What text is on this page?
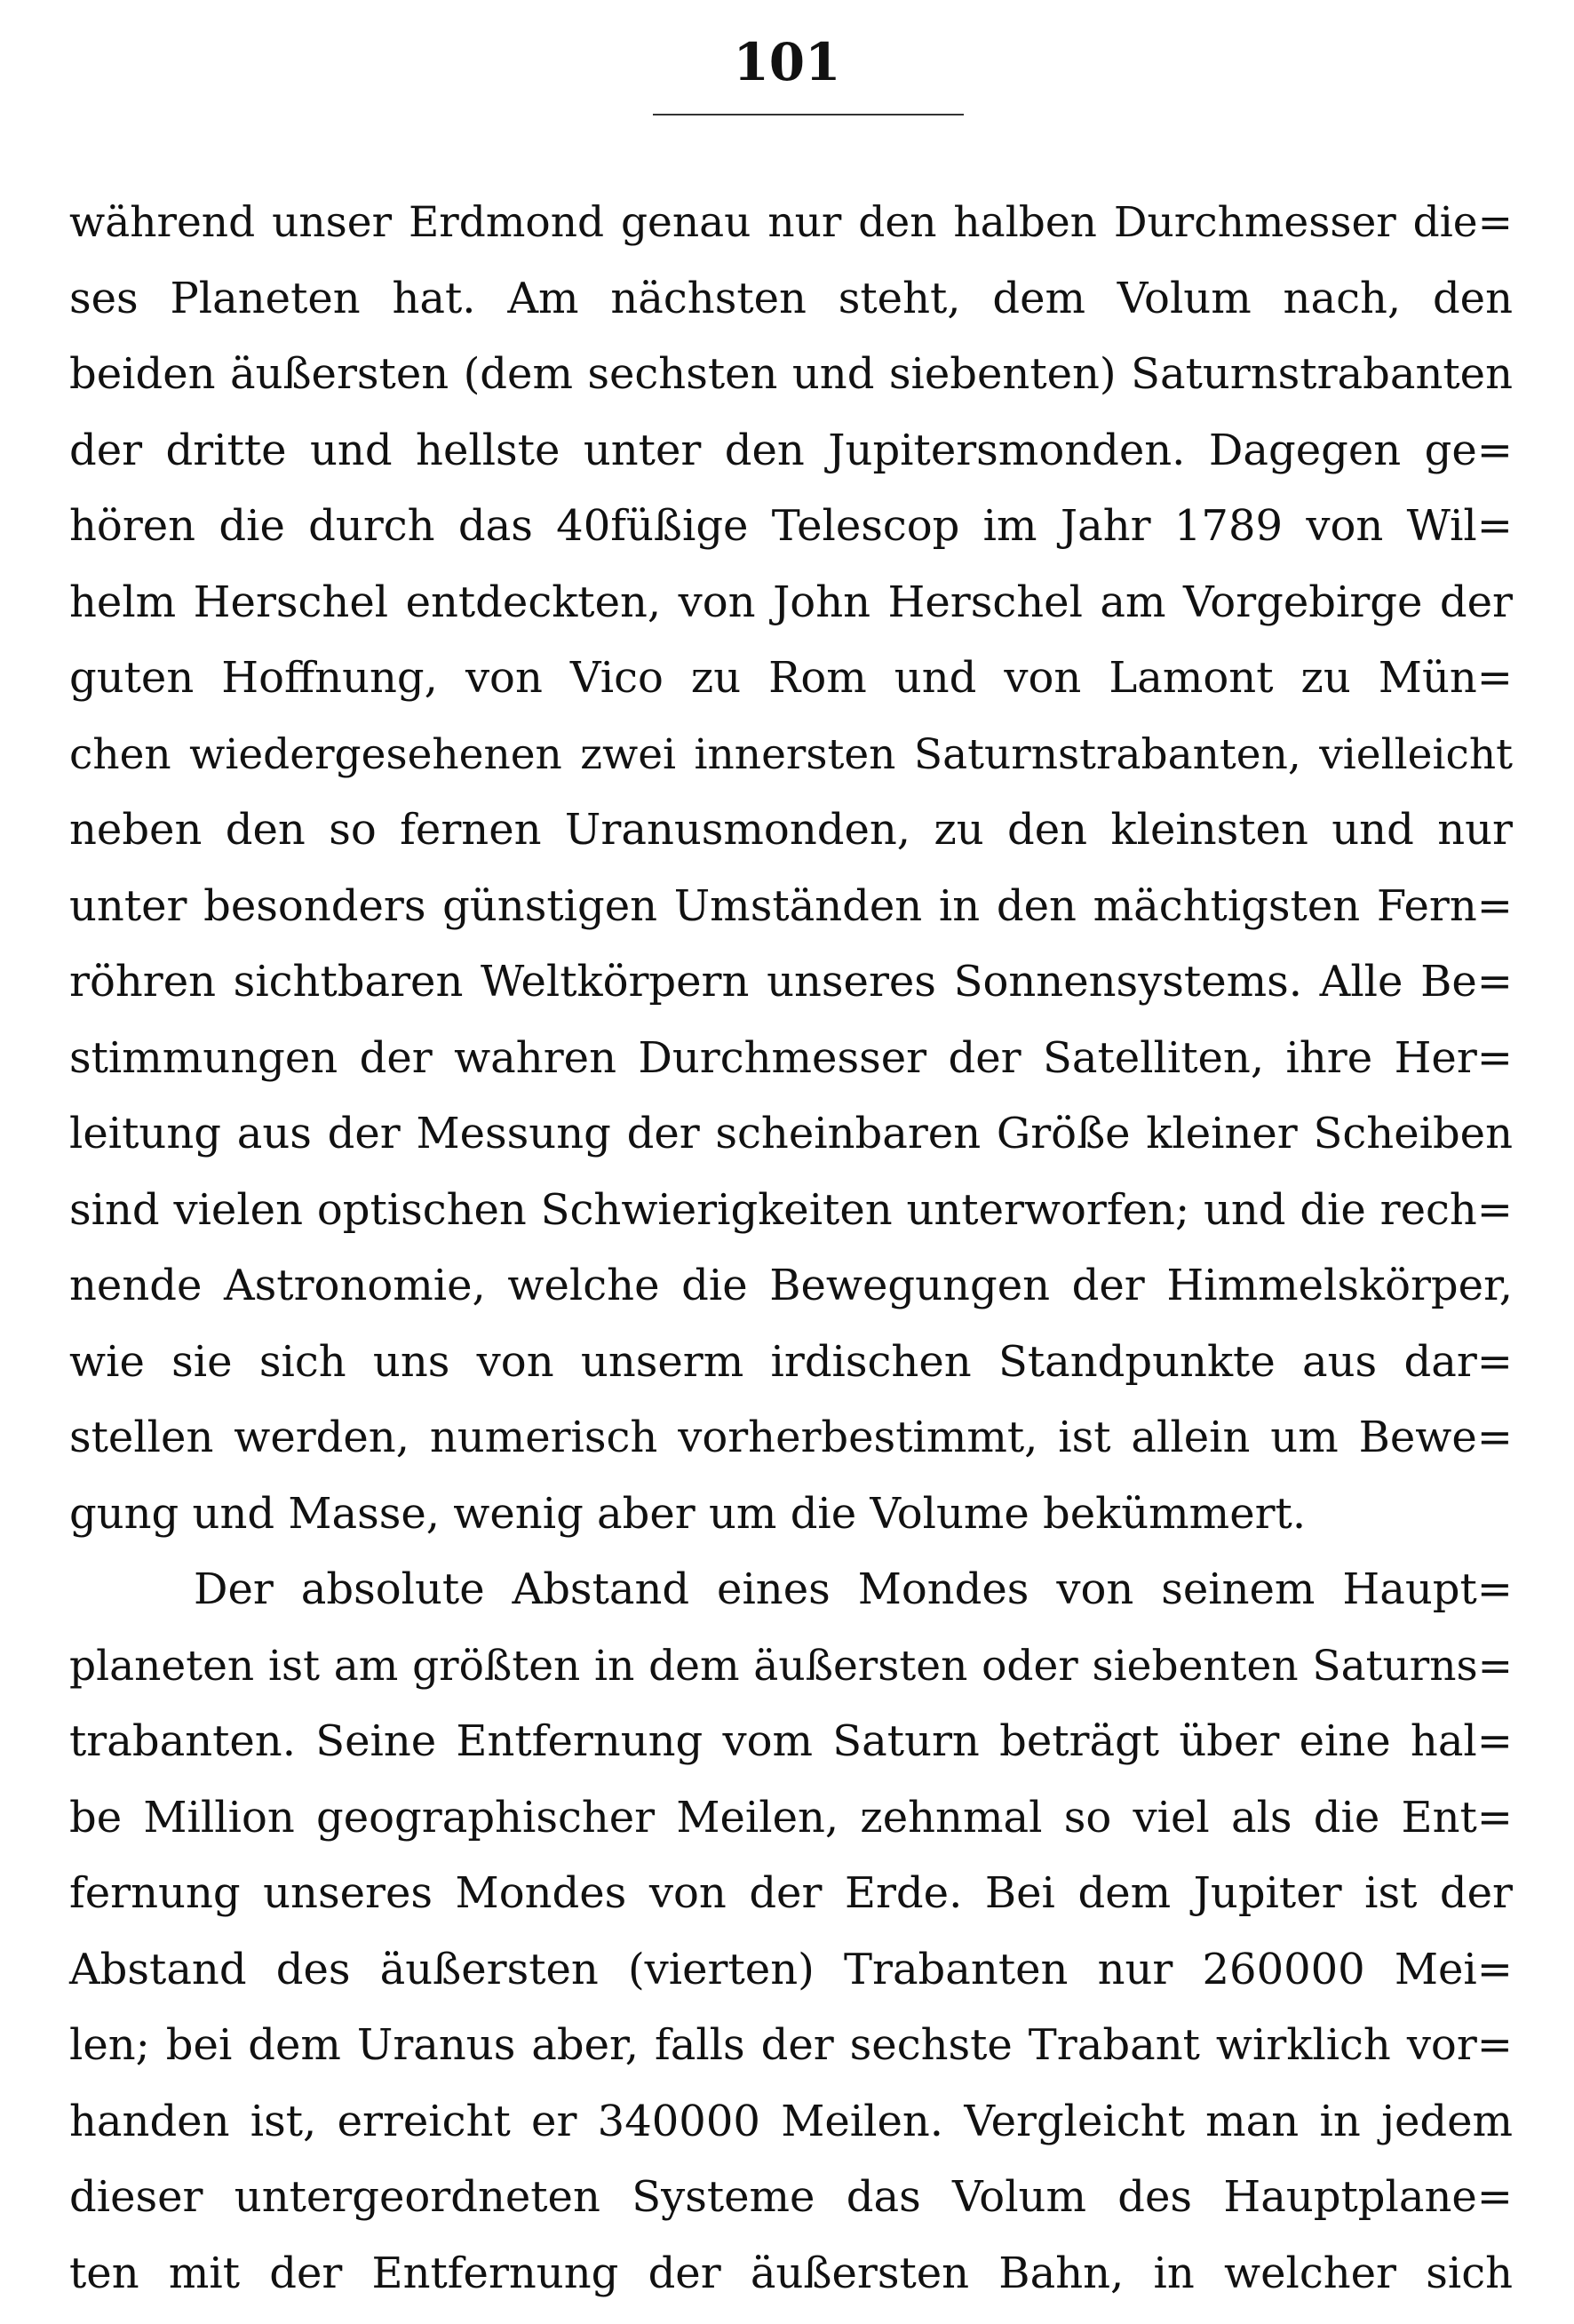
101
während unser Erdmond genau nur den halben Durchmesser die=
ses Planeten hat. Am nächsten steht, dem Volum nach, den
beiden äußersten (dem sechsten und siebenten) Saturnstrabanten
der dritte und hellste unter den Jupitersmonden. Dagegen ge=
hören die durch das 40füßige Telescop im Jahr 1789 von Wil=
helm Herschel entdeckten, von John Herschel am Vorgebirge der
guten Hoffnung, von Vico zu Rom und von Lamont zu Mün=
chen wiedergesehenen zwei innersten Saturnstrabanten, vielleicht
neben den so fernen Uranusmonden, zu den kleinsten und nur
unter besonders günstigen Umständen in den mächtigsten Fern=
röhren sichtbaren Weltkörpern unseres Sonnensystems. Alle Be=
stimmungen der wahren Durchmesser der Satelliten, ihre Her=
leitung aus der Messung der scheinbaren Größe kleiner Scheiben
sind vielen optischen Schwierigkeiten unterworfen; und die rech=
nende Astronomie, welche die Bewegungen der Himmelskörper,
wie sie sich uns von unserm irdischen Standpunkte aus dar=
stellen werden, numerisch vorherbestimmt, ist allein um Bewe=
gung und Masse, wenig aber um die Volume bekümmert.
Der absolute Abstand eines Mondes von seinem Haupt=
planeten ist am größten in dem äußersten oder siebenten Saturns=
trabanten. Seine Entfernung vom Saturn beträgt über eine hal=
be Million geographischer Meilen, zehnmal so viel als die Ent=
fernung unseres Mondes von der Erde. Bei dem Jupiter ist der
Abstand des äußersten (vierten) Trabanten nur 260000 Mei=
len; bei dem Uranus aber, falls der sechste Trabant wirklich vor=
handen ist, erreicht er 340000 Meilen. Vergleicht man in jedem
dieser untergeordneten Systeme das Volum des Hauptplane=
ten mit der Entfernung der äußersten Bahn, in welcher sich
